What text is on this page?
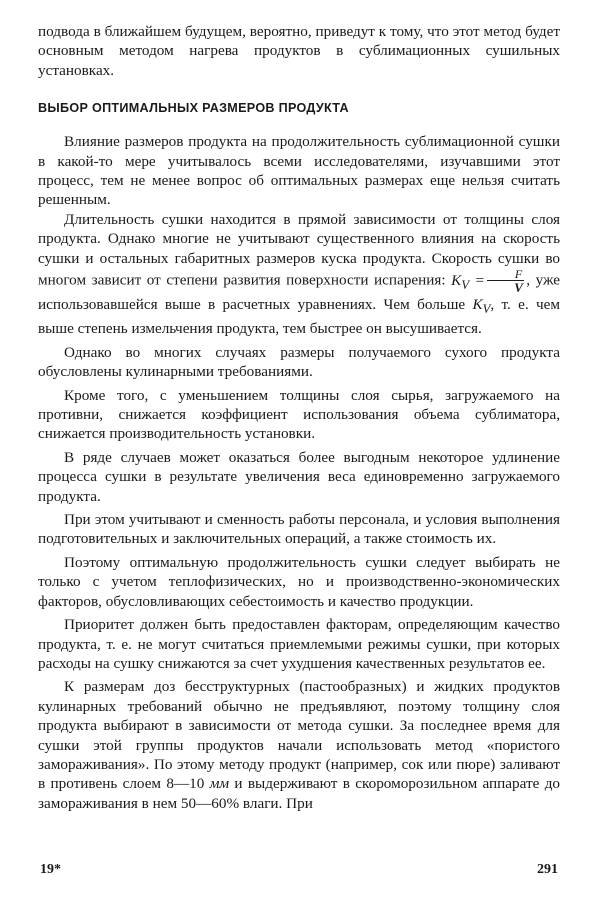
подвода в ближайшем будущем, вероятно, приведут к тому, что этот метод будет основным методом нагрева продуктов в сублимационных сушильных установках.

ВЫБОР ОПТИМАЛЬНЫХ РАЗМЕРОВ ПРОДУКТА

Влияние размеров продукта на продолжительность сублимационной сушки в какой-то мере учитывалось всеми исследователями, изучавшими этот процесс, тем не менее вопрос об оптимальных размерах еще нельзя считать решенным.

Длительность сушки находится в прямой зависимости от толщины слоя продукта. Однако многие не учитывают существенного влияния на скорость сушки и остальных габаритных размеров куска продукта. Скорость сушки во многом зависит от степени развития поверхности испарения: $K_V = \frac{F}{V}$ , уже использовавшейся выше в расчетных уравнениях. Чем больше $K_V$, т. е. чем выше степень измельчения продукта, тем быстрее он высушивается.

Однако во многих случаях размеры получаемого сухого продукта обусловлены кулинарными требованиями.

Кроме того, с уменьшением толщины слоя сырья, загружаемого на противни, снижается коэффициент использования объема сублиматора, снижается производительность установки.

В ряде случаев может оказаться более выгодным некоторое удлинение процесса сушки в результате увеличения веса единовременно загружаемого продукта.

При этом учитывают и сменность работы персонала, и условия выполнения подготовительных и заключительных операций, а также стоимость их.

Поэтому оптимальную продолжительность сушки следует выбирать не только с учетом теплофизических, но и производственно-экономических факторов, обусловливающих себестоимость и качество продукции.

Приоритет должен быть предоставлен факторам, определяющим качество продукта, т. е. не могут считаться приемлемыми режимы сушки, при которых расходы на сушку снижаются за счет ухудшения качественных результатов ее.

К размерам доз бесструктурных (пастообразных) и жидких продуктов кулинарных требований обычно не предъявляют, поэтому толщину слоя продукта выбирают в зависимости от метода сушки. За последнее время для сушки этой группы продуктов начали использовать метод «пористого замораживания». По этому методу продукт (например, сок или пюре) заливают в противень слоем 8—10 мм и выдерживают в скороморозильном аппарате до замораживания в нем 50—60% влаги. При

19*	291
